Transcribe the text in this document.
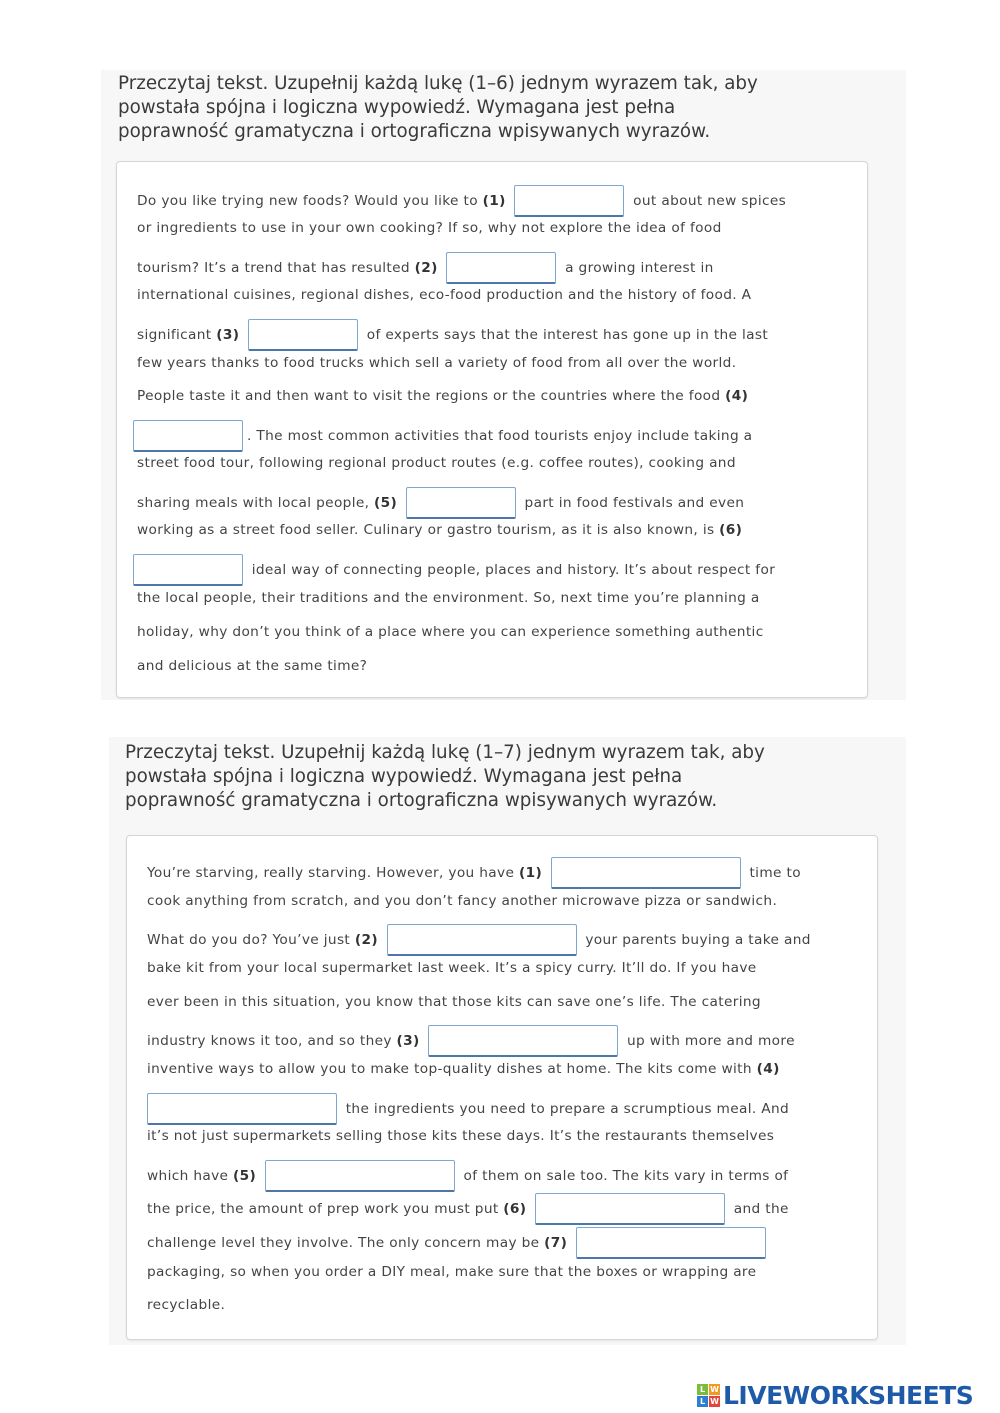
Przeczytaj tekst. Uzupełnij każdą lukę (1–6) jednym wyrazem tak, aby
powstała spójna i logiczna wypowiedź. Wymagana jest pełna
poprawność gramatyczna i ortograficzna wpisywanych wyrazów.
Do you like trying new foods? Would you like to (1)	out about new spices
or ingredients to use in your own cooking? If so, why not explore the idea of food
tourism? It’s a trend that has resulted (2)	a growing interest in
international cuisines, regional dishes, eco-food production and the history of food. A
significant (3)	of experts says that the interest has gone up in the last
few years thanks to food trucks which sell a variety of food from all over the world.
People taste it and then want to visit the regions or the countries where the food (4)
. The most common activities that food tourists enjoy include taking a
street food tour, following regional product routes (e.g. coffee routes), cooking and
sharing meals with local people, (5)	part in food festivals and even
working as a street food seller. Culinary or gastro tourism, as it is also known, is (6)
ideal way of connecting people, places and history. It’s about respect for
the local people, their traditions and the environment. So, next time you’re planning a
holiday, why don’t you think of a place where you can experience something authentic
and delicious at the same time?
Przeczytaj tekst. Uzupełnij każdą lukę (1–7) jednym wyrazem tak, aby
powstała spójna i logiczna wypowiedź. Wymagana jest pełna
poprawność gramatyczna i ortograficzna wpisywanych wyrazów.
You’re starving, really starving. However, you have (1)	time to
cook anything from scratch, and you don’t fancy another microwave pizza or sandwich.
What do you do? You’ve just (2)	your parents buying a take and
bake kit from your local supermarket last week. It’s a spicy curry. It’ll do. If you have
ever been in this situation, you know that those kits can save one’s life. The catering
industry knows it too, and so they (3)	up with more and more
inventive ways to allow you to make top-quality dishes at home. The kits come with (4)
the ingredients you need to prepare a scrumptious meal. And
it’s not just supermarkets selling those kits these days. It’s the restaurants themselves
which have (5)	of them on sale too. The kits vary in terms of
the price, the amount of prep work you must put (6)	and the
challenge level they involve. The only concern may be (7)
packaging, so when you order a DIY meal, make sure that the boxes or wrapping are
recyclable.
L W
L W LIVEWORKSHEETS
